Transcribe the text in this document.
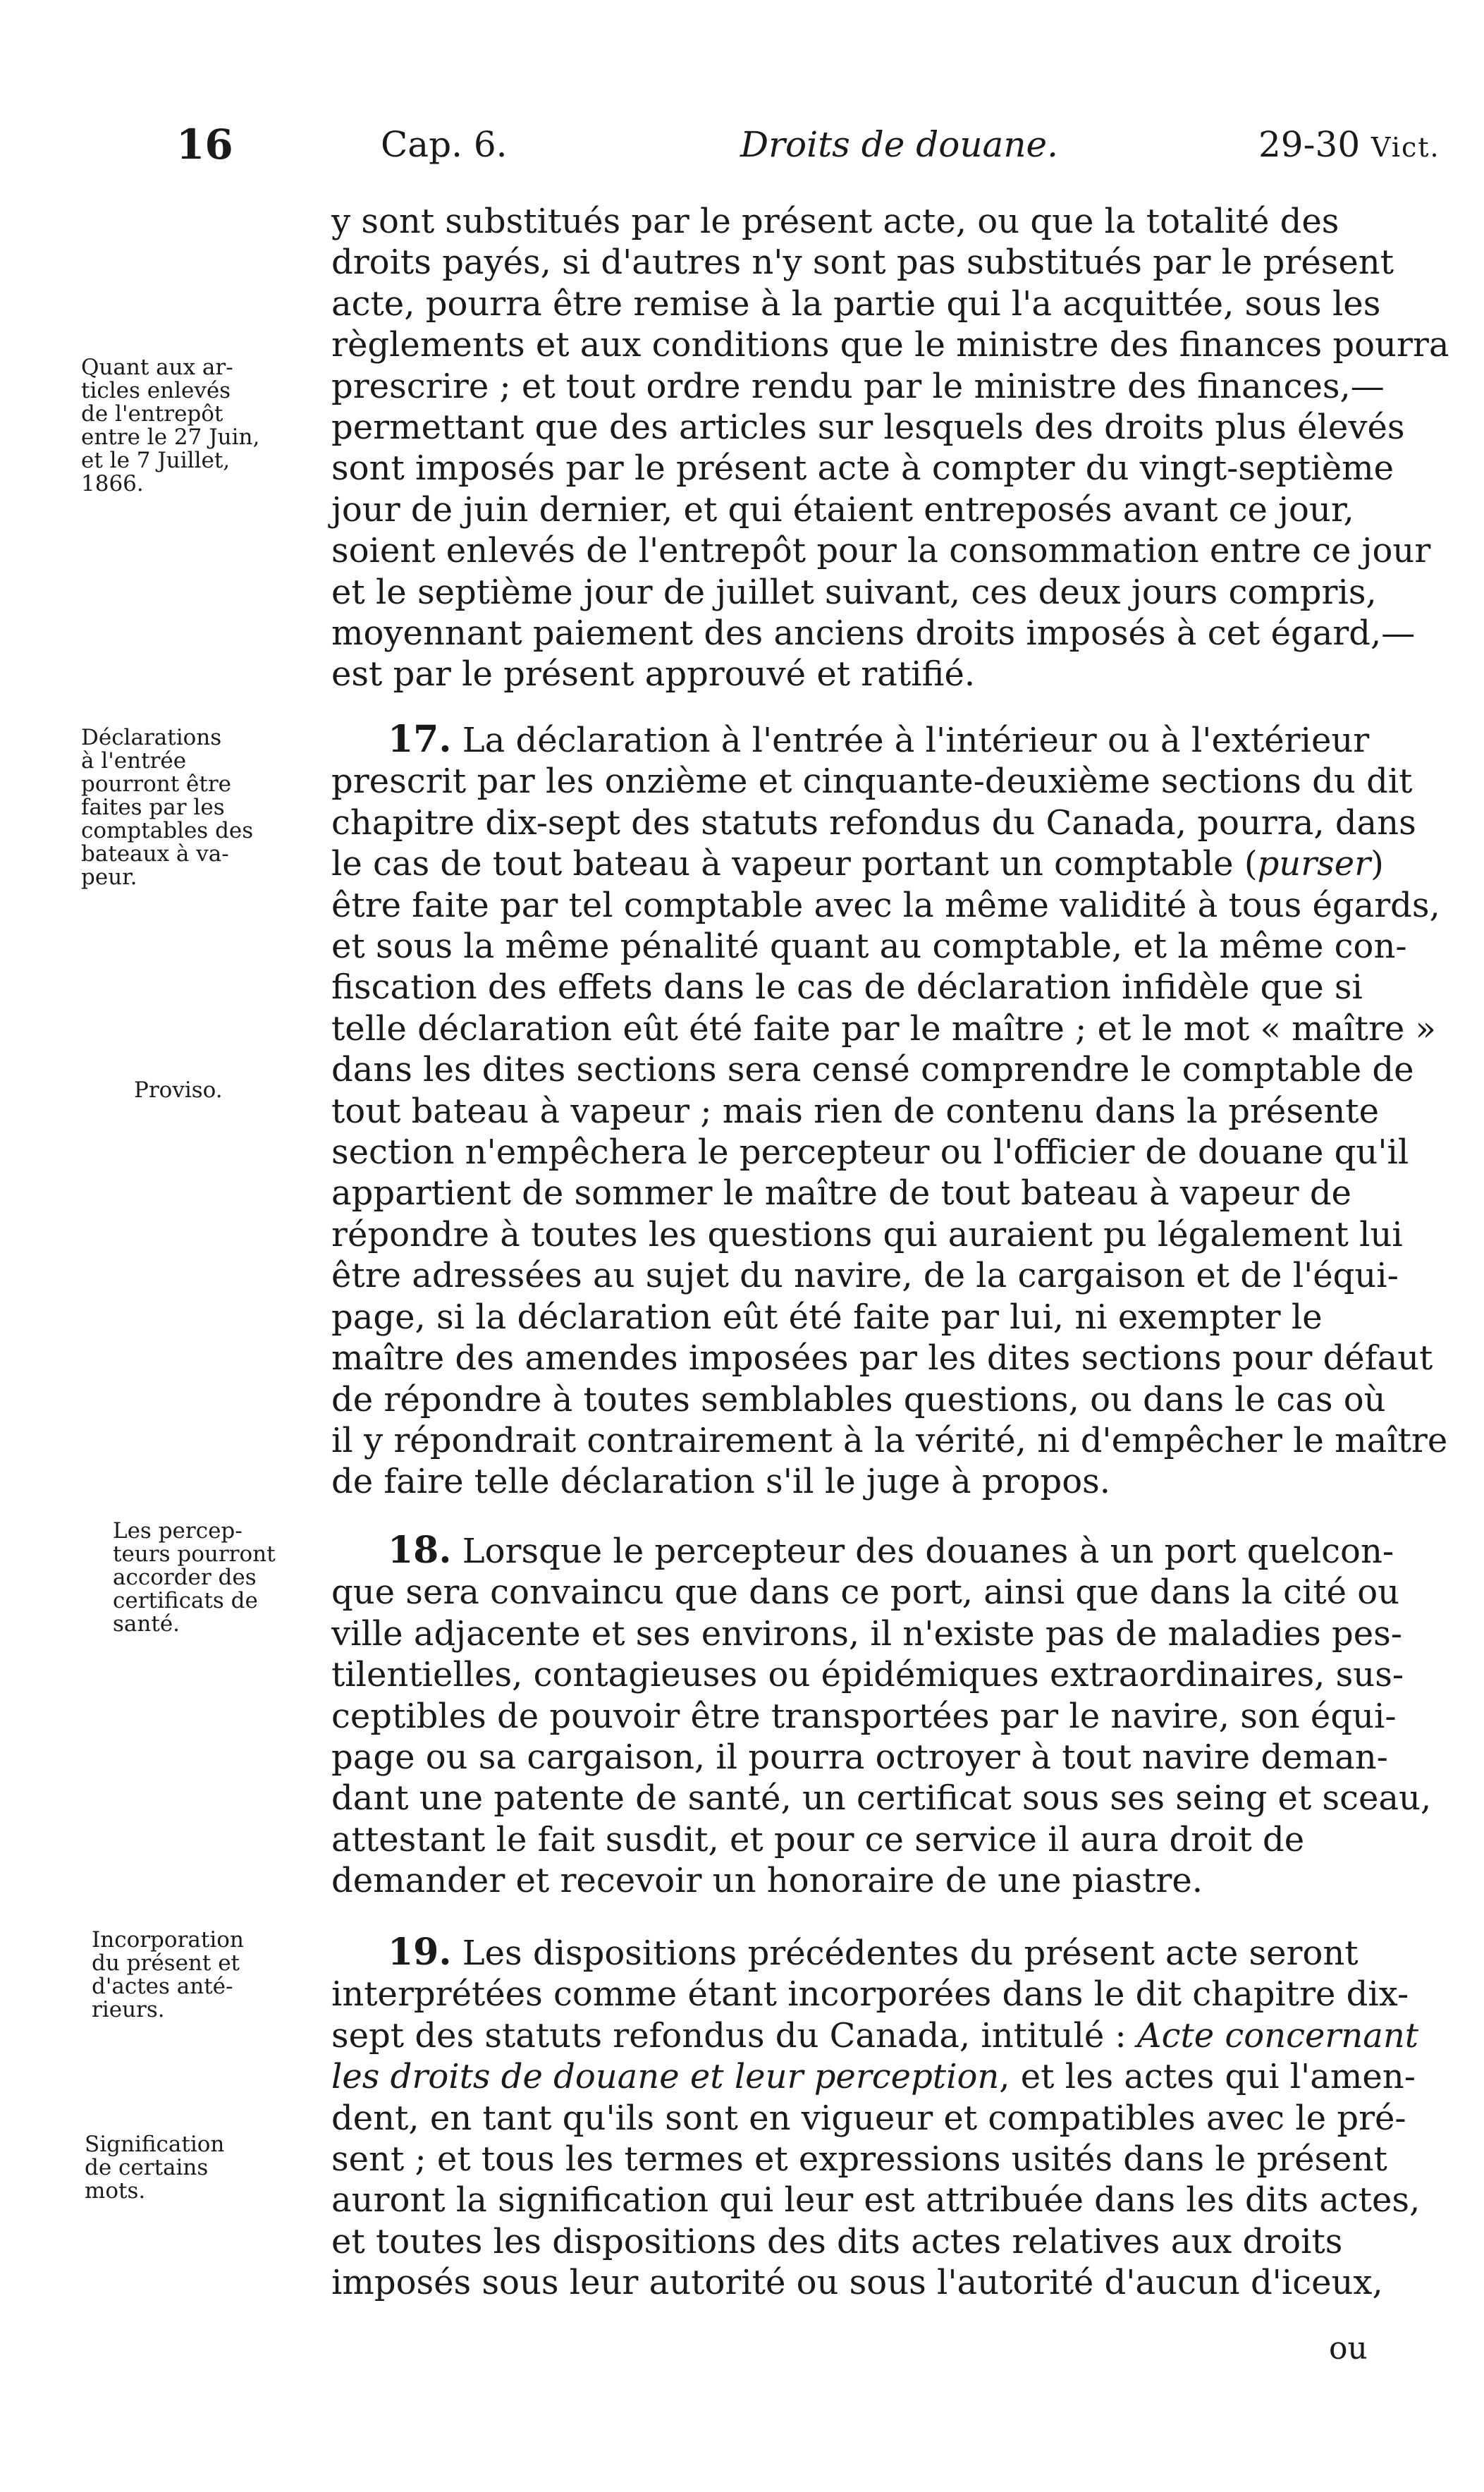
16	Cap. 6.	Droits de douane.	29-30 Vict.
y sont substitués par le présent acte, ou que la totalité des
droits payés, si d'autres n'y sont pas substitués par le présent
acte, pourra être remise à la partie qui l'a acquittée, sous les
règlements et aux conditions que le ministre des finances pourra
prescrire ; et tout ordre rendu par le ministre des finances,—
permettant que des articles sur lesquels des droits plus élevés
sont imposés par le présent acte à compter du vingt-septième
jour de juin dernier, et qui étaient entreposés avant ce jour,
soient enlevés de l'entrepôt pour la consommation entre ce jour
et le septième jour de juillet suivant, ces deux jours compris,
moyennant paiement des anciens droits imposés à cet égard,—
est par le présent approuvé et ratifié.
Quant aux ar-
ticles enlevés
de l'entrepôt
entre le 27 Juin,
et le 7 Juillet,
1866.
17. La déclaration à l'entrée à l'intérieur ou à l'extérieur
prescrit par les onzième et cinquante-deuxième sections du dit
chapitre dix-sept des statuts refondus du Canada, pourra, dans
le cas de tout bateau à vapeur portant un comptable (purser)
être faite par tel comptable avec la même validité à tous égards,
et sous la même pénalité quant au comptable, et la même con-
fiscation des effets dans le cas de déclaration infidèle que si
telle déclaration eût été faite par le maître ; et le mot « maître »
dans les dites sections sera censé comprendre le comptable de
tout bateau à vapeur ; mais rien de contenu dans la présente
section n'empêchera le percepteur ou l'officier de douane qu'il
appartient de sommer le maître de tout bateau à vapeur de
répondre à toutes les questions qui auraient pu légalement lui
être adressées au sujet du navire, de la cargaison et de l'équi-
page, si la déclaration eût été faite par lui, ni exempter le
maître des amendes imposées par les dites sections pour défaut
de répondre à toutes semblables questions, ou dans le cas où
il y répondrait contrairement à la vérité, ni d'empêcher le maître
de faire telle déclaration s'il le juge à propos.
Déclarations
à l'entrée
pourront être
faites par les
comptables des
bateaux à va-
peur.
Proviso.
18. Lorsque le percepteur des douanes à un port quelcon-
que sera convaincu que dans ce port, ainsi que dans la cité ou
ville adjacente et ses environs, il n'existe pas de maladies pes-
tilentielles, contagieuses ou épidémiques extraordinaires, sus-
ceptibles de pouvoir être transportées par le navire, son équi-
page ou sa cargaison, il pourra octroyer à tout navire deman-
dant une patente de santé, un certificat sous ses seing et sceau,
attestant le fait susdit, et pour ce service il aura droit de
demander et recevoir un honoraire de une piastre.
Les percep-
teurs pourront
accorder des
certificats de
santé.
19. Les dispositions précédentes du présent acte seront
interprétées comme étant incorporées dans le dit chapitre dix-
sept des statuts refondus du Canada, intitulé : Acte concernant
les droits de douane et leur perception, et les actes qui l'amen-
dent, en tant qu'ils sont en vigueur et compatibles avec le pré-
sent ; et tous les termes et expressions usités dans le présent
auront la signification qui leur est attribuée dans les dits actes,
et toutes les dispositions des dits actes relatives aux droits
imposés sous leur autorité ou sous l'autorité d'aucun d'iceux,
Incorporation
du présent et
d'actes anté-
rieurs.
Signification
de certains
mots.
ou
